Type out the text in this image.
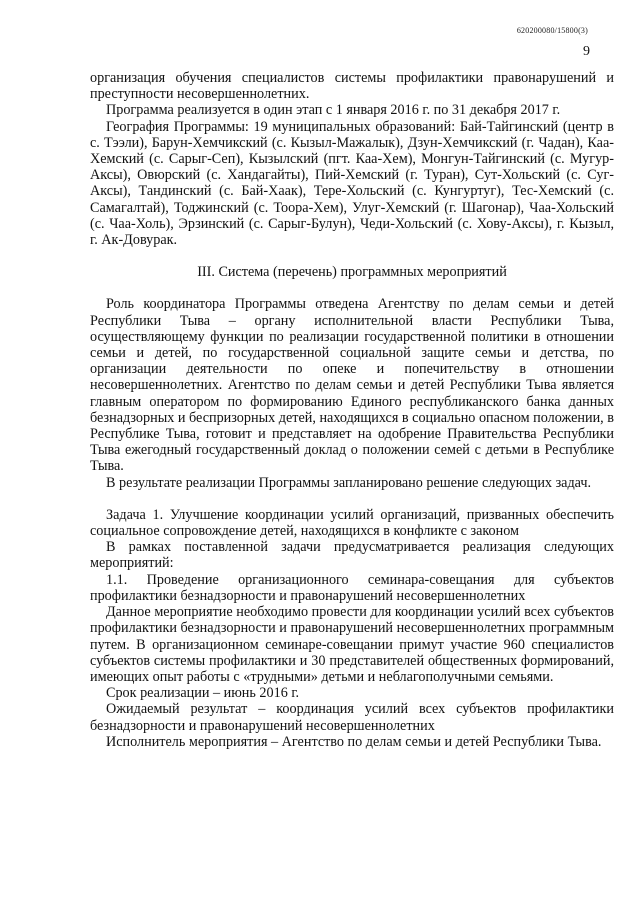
620200080/15800(3)
9

организация обучения специалистов системы профилактики правонарушений и преступности несовершеннолетних.

Программа реализуется в один этап с 1 января 2016 г. по 31 декабря 2017 г.

География Программы: 19 муниципальных образований: Бай-Тайгинский (центр в с. Тээли), Барун-Хемчикский (с. Кызыл-Мажалык), Дзун-Хемчикский (г. Чадан), Каа-Хемский (с. Сарыг-Сеп), Кызылский (пгт. Каа-Хем), Монгун-Тайгинский (с. Мугур-Аксы), Овюрский (с. Хандагайты), Пий-Хемский (г. Туран), Сут-Хольский (с. Суг-Аксы), Тандинский (с. Бай-Хаак), Тере-Хольский (с. Кунгуртуг), Тес-Хемский (с. Самагалтай), Тоджинский (с. Тоора-Хем), Улуг-Хемский (г. Шагонар), Чаа-Хольский (с. Чаа-Холь), Эрзинский (с. Сарыг-Булун), Чеди-Хольский (с. Хову-Аксы), г. Кызыл, г. Ак-Довурак.

III. Система (перечень) программных мероприятий

Роль координатора Программы отведена Агентству по делам семьи и детей Республики Тыва – органу исполнительной власти Республики Тыва, осуществляющему функции по реализации государственной политики в отношении семьи и детей, по государственной социальной защите семьи и детства, по организации деятельности по опеке и попечительству в отношении несовершеннолетних. Агентство по делам семьи и детей Республики Тыва является главным оператором по формированию Единого республиканского банка данных безнадзорных и беспризорных детей, находящихся в социально опасном положении, в Республике Тыва, готовит и представляет на одобрение Правительства Республики Тыва ежегодный государственный доклад о положении семей с детьми в Республике Тыва.

В результате реализации Программы запланировано решение следующих задач.

Задача 1. Улучшение координации усилий организаций, призванных обеспечить социальное сопровождение детей, находящихся в конфликте с законом

В рамках поставленной задачи предусматривается реализация следующих мероприятий:

1.1. Проведение организационного семинара-совещания для субъектов профилактики безнадзорности и правонарушений несовершеннолетних

Данное мероприятие необходимо провести для координации усилий всех субъектов профилактики безнадзорности и правонарушений несовершеннолетних программным путем. В организационном семинаре-совещании примут участие 960 специалистов субъектов системы профилактики и 30 представителей общественных формирований, имеющих опыт работы с «трудными» детьми и неблагополучными семьями.

Срок реализации – июнь 2016 г.

Ожидаемый результат – координация усилий всех субъектов профилактики безнадзорности и правонарушений несовершеннолетних

Исполнитель мероприятия – Агентство по делам семьи и детей Республики Тыва.
